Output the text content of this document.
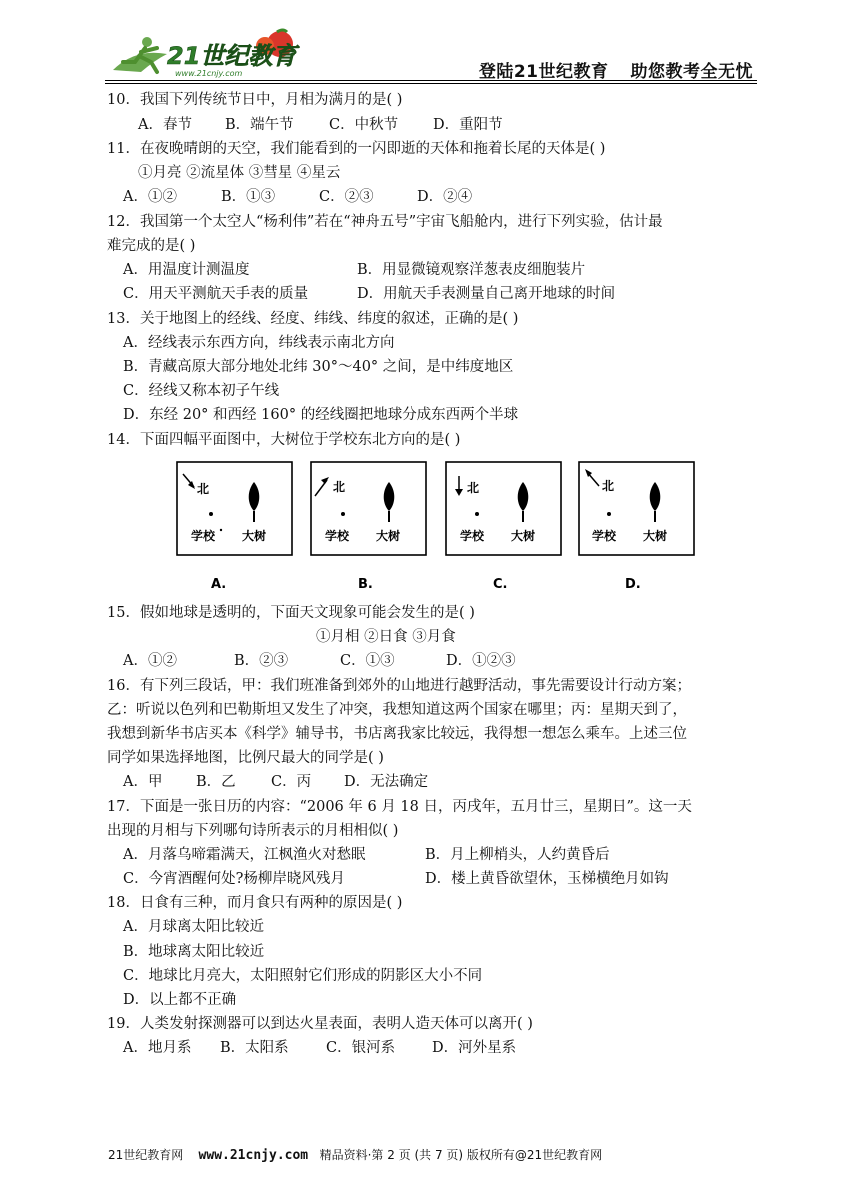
21世纪教育
www.21cnjy.com	登陆21世纪教育 助您教考全无忧
10．我国下列传统节日中，月相为满月的是( )
A．春节 B．端午节 C．中秋节 D．重阳节
11．在夜晚晴朗的天空，我们能看到的一闪即逝的天体和拖着长尾的天体是( )
①月亮 ②流星体 ③彗星 ④星云
A．①②	B．①③	C．②③	D．②④
12．我国第一个太空人“杨利伟”若在“神舟五号”宇宙飞船舱内，进行下列实验，估计最
难完成的是( )
A．用温度计测温度	B．用显微镜观察洋葱表皮细胞装片
C．用天平测航天手表的质量	D．用航天手表测量自己离开地球的时间
13．关于地图上的经线、经度、纬线、纬度的叙述，正确的是( )
A．经线表示东西方向，纬线表示南北方向
B．青藏高原大部分地处北纬 30°～40° 之间，是中纬度地区
C．经线又称本初子午线
D．东经 20° 和西经 160° 的经线圈把地球分成东西两个半球
14．下面四幅平面图中，大树位于学校东北方向的是( )
北
学校 大树
A.
北
学校 大树
B.
北
学校 大树
C.
北
学校 大树
D.
15．假如地球是透明的，下面天文现象可能会发生的是( )
①月相 ②日食 ③月食
A．①②	B．②③	C．①③	D．①②③
16．有下列三段话，甲：我们班准备到郊外的山地进行越野活动，事先需要设计行动方案；
乙：听说以色列和巴勒斯坦又发生了冲突，我想知道这两个国家在哪里；丙：星期天到了，
我想到新华书店买本《科学》辅导书，书店离我家比较远，我得想一想怎么乘车。上述三位
同学如果选择地图，比例尺最大的同学是( )
A．甲 B．乙 C．丙 D．无法确定
17．下面是一张日历的内容：“2006 年 6 月 18 日，丙戌年，五月廿三，星期日”。这一天
出现的月相与下列哪句诗所表示的月相相似( )
A．月落乌啼霜满天，江枫渔火对愁眠	B．月上柳梢头，人约黄昏后
C．今宵酒醒何处?杨柳岸晓风残月	D．楼上黄昏欲望休，玉梯横绝月如钩
18．日食有三种，而月食只有两种的原因是( )
A．月球离太阳比较近
B．地球离太阳比较近
C．地球比月亮大，太阳照射它们形成的阴影区大小不同
D．以上都不正确
19．人类发射探测器可以到达火星表面，表明人造天体可以离开( )
A．地月系 B．太阳系	C．银河系	D．河外星系
21世纪教育网 www.21cnjy.com 精品资料·第 2 页 (共 7 页) 版权所有@21世纪教育网
